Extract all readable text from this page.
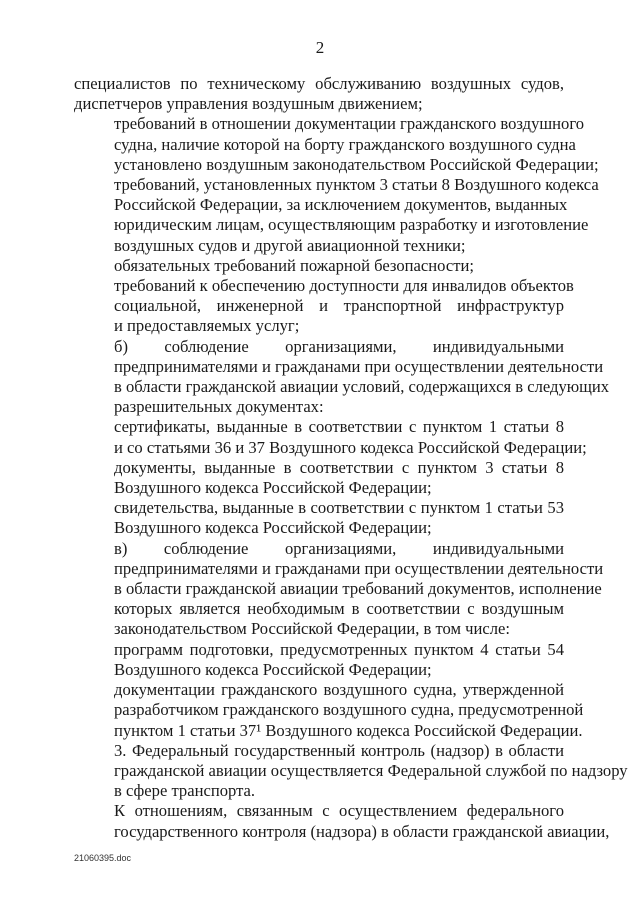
2
специалистов по техническому обслуживанию воздушных судов,
диспетчеров управления воздушным движением;
требований в отношении документации гражданского воздушного
судна, наличие которой на борту гражданского воздушного судна
установлено воздушным законодательством Российской Федерации;
требований, установленных пунктом 3 статьи 8 Воздушного кодекса
Российской Федерации, за исключением документов, выданных
юридическим лицам, осуществляющим разработку и изготовление
воздушных судов и другой авиационной техники;
обязательных требований пожарной безопасности;
требований к обеспечению доступности для инвалидов объектов
социальной, инженерной и транспортной инфраструктур
и предоставляемых услуг;
б) соблюдение организациями, индивидуальными
предпринимателями и гражданами при осуществлении деятельности
в области гражданской авиации условий, содержащихся в следующих
разрешительных документах:
сертификаты, выданные в соответствии с пунктом 1 статьи 8
и со статьями 36 и 37 Воздушного кодекса Российской Федерации;
документы, выданные в соответствии с пунктом 3 статьи 8
Воздушного кодекса Российской Федерации;
свидетельства, выданные в соответствии с пунктом 1 статьи 53
Воздушного кодекса Российской Федерации;
в) соблюдение организациями, индивидуальными
предпринимателями и гражданами при осуществлении деятельности
в области гражданской авиации требований документов, исполнение
которых является необходимым в соответствии с воздушным
законодательством Российской Федерации, в том числе:
программ подготовки, предусмотренных пунктом 4 статьи 54
Воздушного кодекса Российской Федерации;
документации гражданского воздушного судна, утвержденной
разработчиком гражданского воздушного судна, предусмотренной
пунктом 1 статьи 37¹ Воздушного кодекса Российской Федерации.
3. Федеральный государственный контроль (надзор) в области
гражданской авиации осуществляется Федеральной службой по надзору
в сфере транспорта.
К отношениям, связанным с осуществлением федерального
государственного контроля (надзора) в области гражданской авиации,
21060395.doc
